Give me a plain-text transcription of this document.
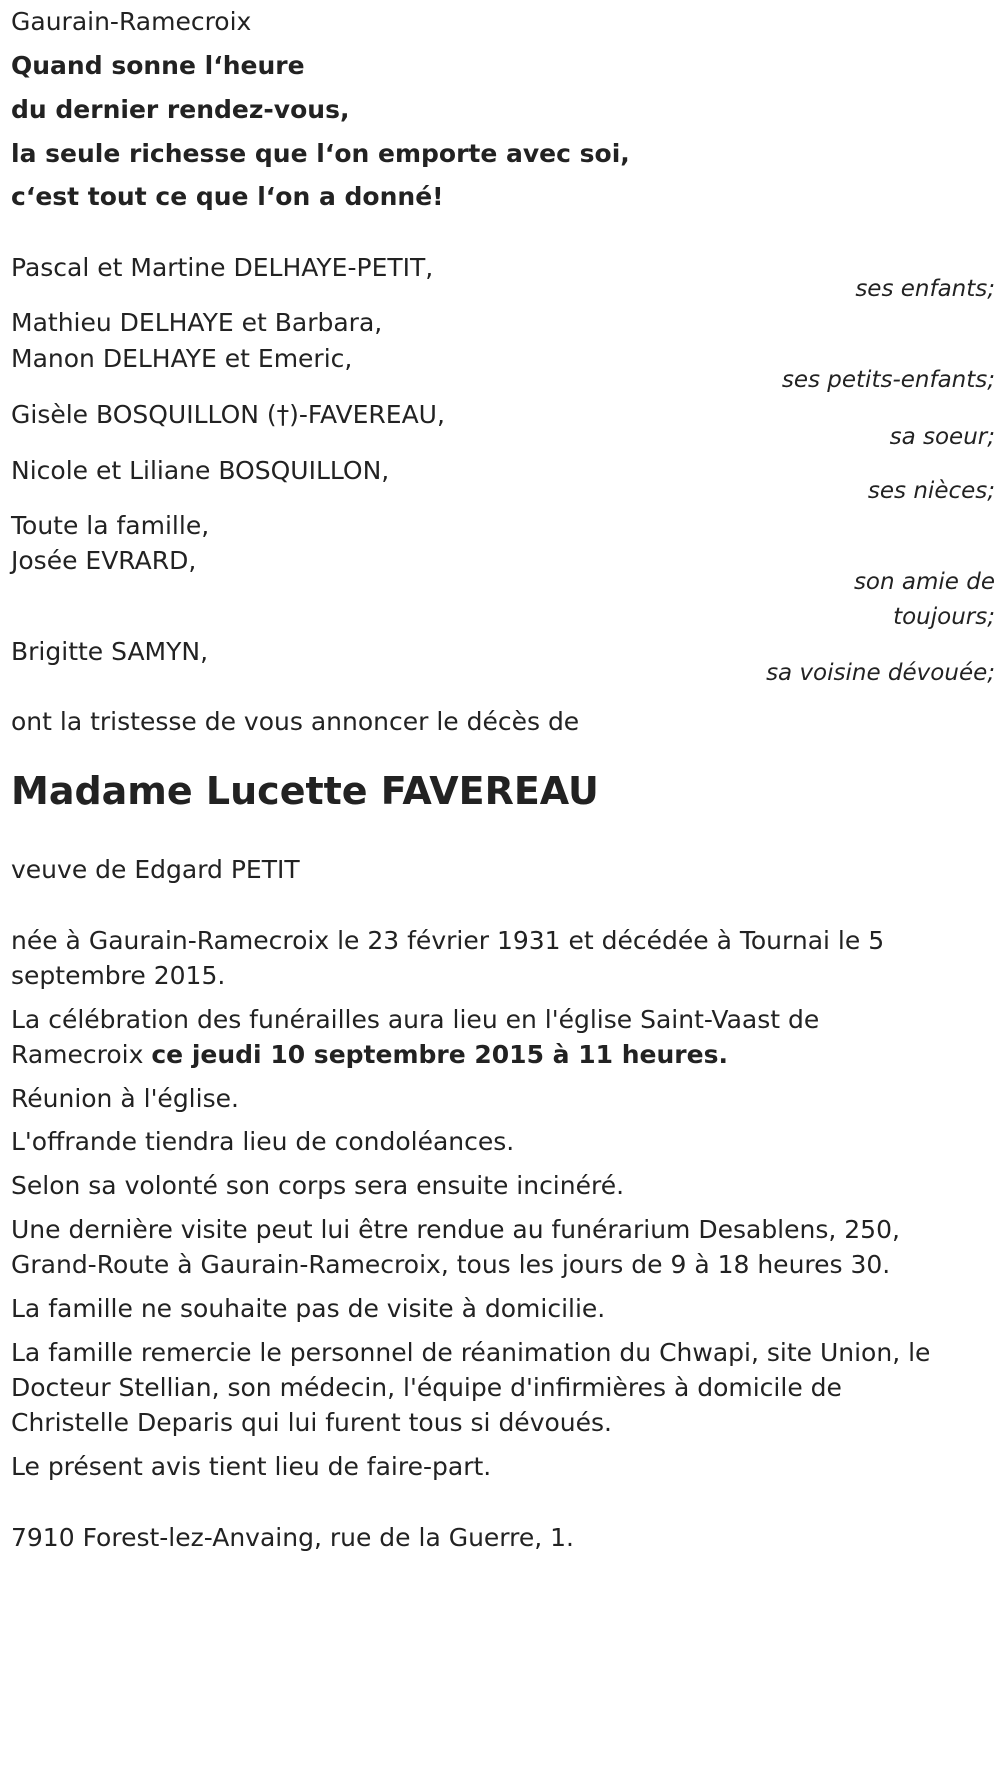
Gaurain-Ramecroix

Quand sonne l‘heure

du dernier rendez-vous,

la seule richesse que l‘on emporte avec soi,

c‘est tout ce que l‘on a donné!

Pascal et Martine DELHAYE-PETIT,

ses enfants;

Mathieu DELHAYE et Barbara,

Manon DELHAYE et Emeric,

ses petits-enfants;

Gisèle BOSQUILLON (†)-FAVEREAU,

sa soeur;

Nicole et Liliane BOSQUILLON,

ses nièces;

Toute la famille,

Josée EVRARD,

son amie de

toujours;

Brigitte SAMYN,

sa voisine dévouée;

ont la tristesse de vous annoncer le décès de

Madame Lucette FAVEREAU

veuve de Edgard PETIT

née à Gaurain-Ramecroix le 23 février 1931 et décédée à Tournai le 5

septembre 2015.

La célébration des funérailles aura lieu en l'église Saint-Vaast de

Ramecroix ce jeudi 10 septembre 2015 à 11 heures.

Réunion à l'église.

L'offrande tiendra lieu de condoléances.

Selon sa volonté son corps sera ensuite incinéré.

Une dernière visite peut lui être rendue au funérarium Desablens, 250,

Grand-Route à Gaurain-Ramecroix, tous les jours de 9 à 18 heures 30.

La famille ne souhaite pas de visite à domicilie.

La famille remercie le personnel de réanimation du Chwapi, site Union, le

Docteur Stellian, son médecin, l'équipe d'infirmières à domicile de

Christelle Deparis qui lui furent tous si dévoués.

Le présent avis tient lieu de faire-part.

7910 Forest-lez-Anvaing, rue de la Guerre, 1.
